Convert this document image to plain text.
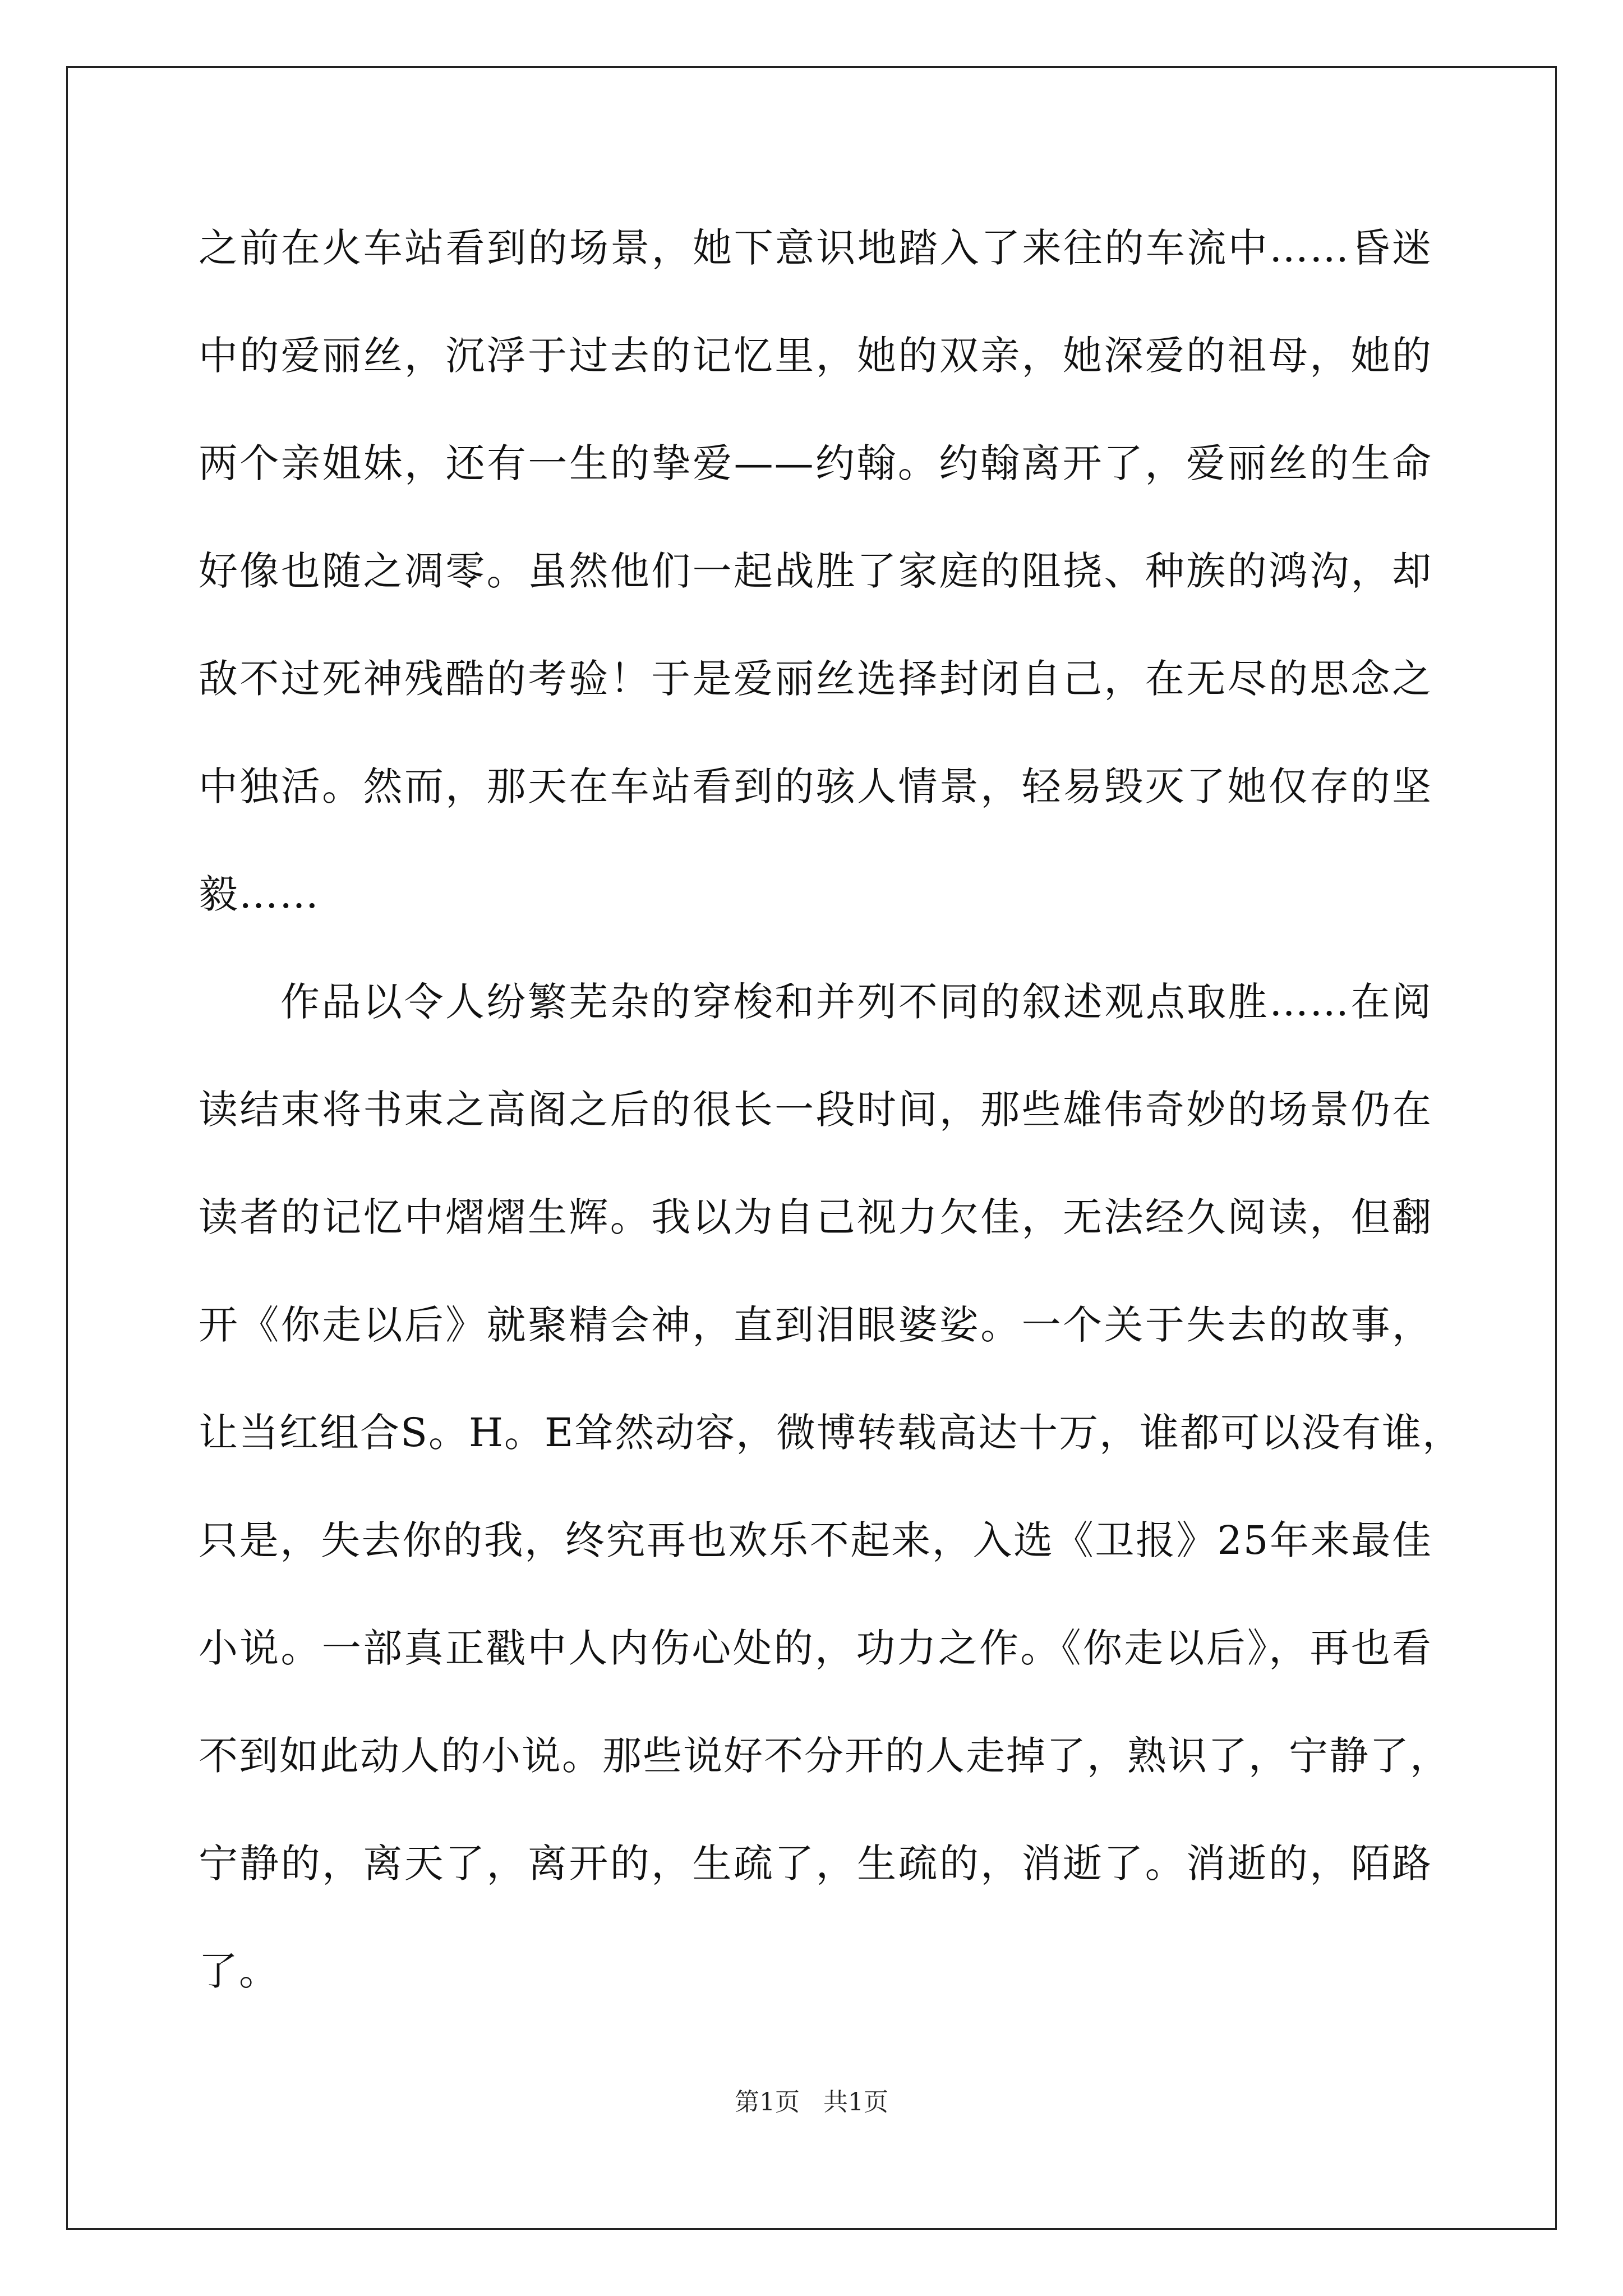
之前在火车站看到的场景，她下意识地踏入了来往的车流中……昏迷
中的爱丽丝，沉浮于过去的记忆里，她的双亲，她深爱的祖母，她的
两个亲姐妹，还有一生的挚爱——约翰。约翰离开了，爱丽丝的生命
好像也随之凋零。虽然他们一起战胜了家庭的阻挠、种族的鸿沟，却
敌不过死神残酷的考验！于是爱丽丝选择封闭自己，在无尽的思念之
中独活。然而，那天在车站看到的骇人情景，轻易毁灭了她仅存的坚
毅……
作品以令人纷繁芜杂的穿梭和并列不同的叙述观点取胜……在阅
读结束将书束之高阁之后的很长一段时间，那些雄伟奇妙的场景仍在
读者的记忆中熠熠生辉。我以为自己视力欠佳，无法经久阅读，但翻
开《你走以后》就聚精会神，直到泪眼婆娑。一个关于失去的故事，
让当红组合S。H。E耸然动容，微博转载高达十万，谁都可以没有谁，
只是，失去你的我，终究再也欢乐不起来，入选《卫报》25年来最佳
小说。一部真正戳中人内伤心处的，功力之作。《你走以后》，再也看
不到如此动人的小说。那些说好不分开的人走掉了，熟识了，宁静了，
宁静的，离天了，离开的，生疏了，生疏的，消逝了。消逝的，陌路
了。
第1页 共1页
